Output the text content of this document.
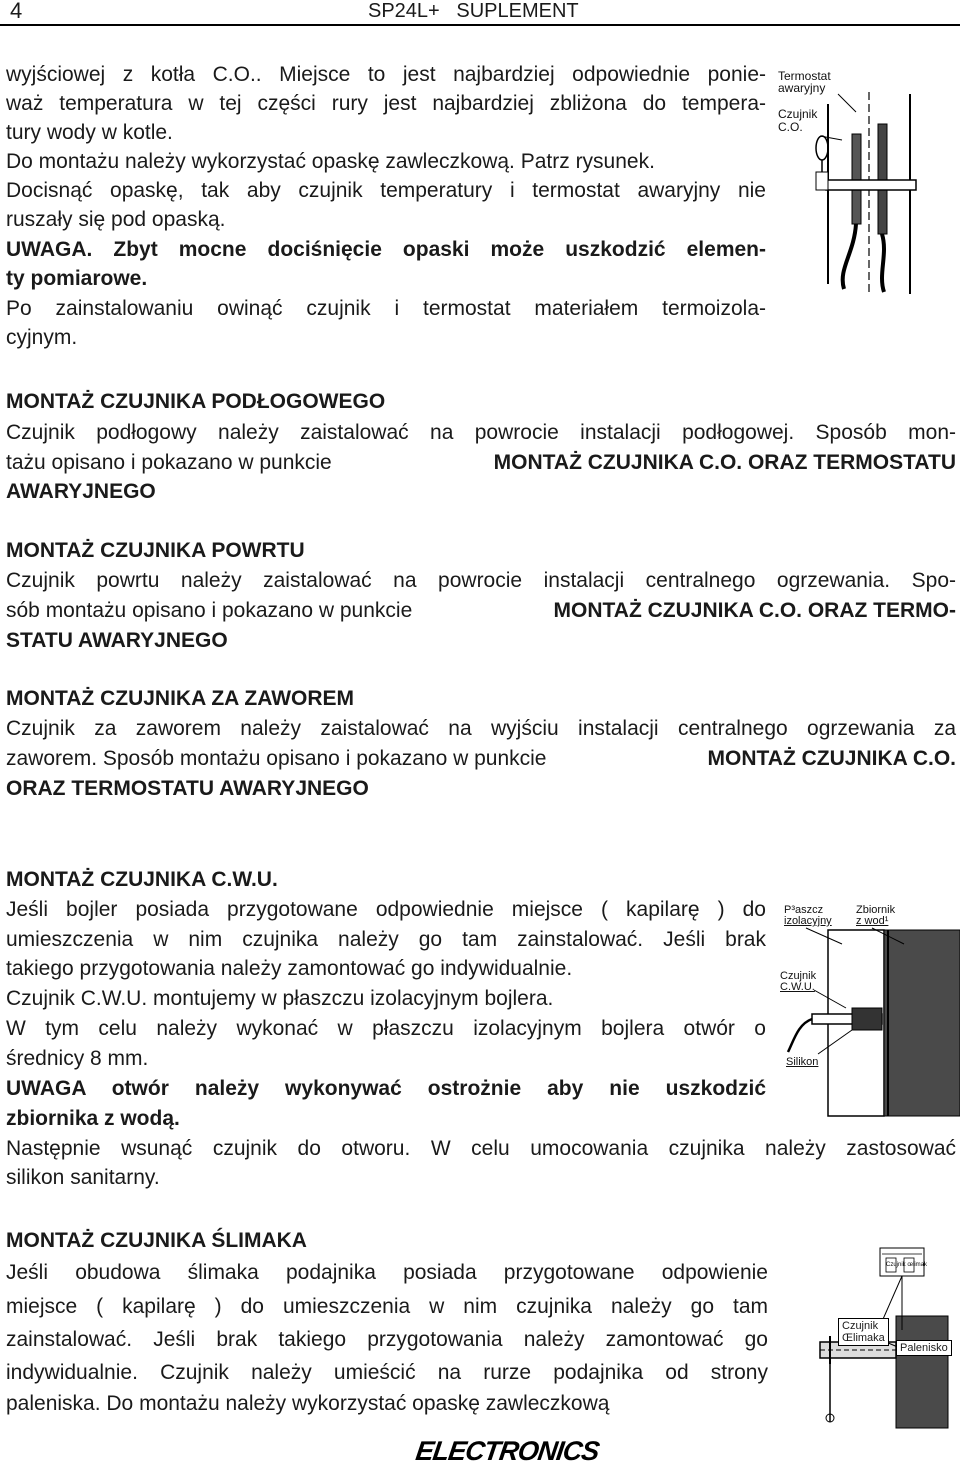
4	SP24L+   SUPLEMENT
wyjściowej z kotła C.O.. Miejsce to jest najbardziej odpowiednie ponie-
waż temperatura w tej części rury jest najbardziej zbliżona do tempera-
tury wody w kotle.
Do montażu należy wykorzystać opaskę zawleczkową. Patrz rysunek.
Docisnąć opaskę, tak aby czujnik temperatury i termostat awaryjny nie
ruszały się pod opaską.
UWAGA. Zbyt mocne dociśnięcie opaski może uszkodzić elemen-
ty pomiarowe.
Po zainstalowaniu owinąć czujnik i termostat materiałem termoizola-
cyjnym.
Termostat
awaryjny
Czujnik
C.O.
MONTAŻ CZUJNIKA PODŁOGOWEGO
Czujnik podłogowy należy zaistalować na powrocie instalacji podłogowej. Sposób mon-
tażu opisano i pokazano w punkcie	MONTAŻ CZUJNIKA C.O. ORAZ TERMOSTATU
AWARYJNEGO
MONTAŻ CZUJNIKA POWRTU
Czujnik powrtu należy zaistalować na powrocie instalacji centralnego ogrzewania. Spo-
sób montażu opisano i pokazano w punkcie	MONTAŻ CZUJNIKA C.O. ORAZ TERMO-
STATU AWARYJNEGO
MONTAŻ CZUJNIKA ZA ZAWOREM
Czujnik za zaworem należy zaistalować na wyjściu instalacji centralnego ogrzewania za
zaworem. Sposób montażu opisano i pokazano w punkcie	MONTAŻ CZUJNIKA C.O.
ORAZ TERMOSTATU AWARYJNEGO
MONTAŻ CZUJNIKA C.W.U.
Jeśli bojler posiada przygotowane odpowiednie miejsce ( kapilarę ) do
umieszczenia w nim czujnika należy go tam zainstalować. Jeśli brak
takiego przygotowania należy zamontować go indywidualnie.
Czujnik C.W.U. montujemy w płaszczu izolacyjnym bojlera.
W tym celu należy wykonać w płaszczu izolacyjnym bojlera otwór o
średnicy 8 mm.
UWAGA otwór należy wykonywać ostrożnie aby nie uszkodzić
zbiornika z wodą.
Następnie wsunąć czujnik do otworu. W celu umocowania czujnika należy zastosować
silikon sanitarny.
P³aszcz
izolacyjny
Zbiornik
z wod¹
Czujnik
C.W.U.
Silikon
MONTAŻ CZUJNIKA ŚLIMAKA
Jeśli obudowa ślimaka podajnika posiada przygotowane odpowienie
miejsce ( kapilarę ) do umieszczenia w nim czujnika należy go tam
zainstalować. Jeśli brak takiego przygotowania należy zamontować go
indywidualnie. Czujnik należy umieścić na rurze podajnika od strony
paleniska. Do montażu należy wykorzystać opaskę zawleczkową
Czujnik œlimak
Czujnik
Œlimaka
Palenisko
ELECTRONICS
